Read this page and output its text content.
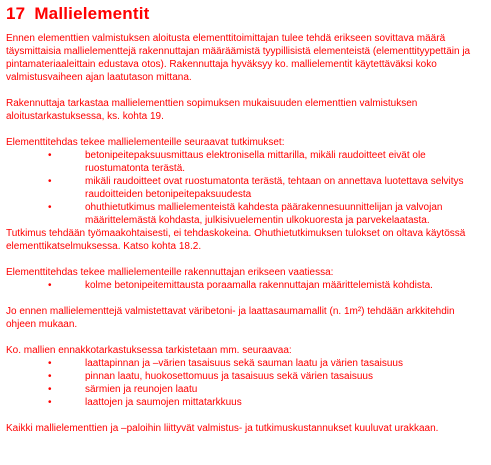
17 Mallielementit

Ennen elementtien valmistuksen aloitusta elementtitoimittajan tulee tehdä erikseen sovittava määrä täysmittaisia mallielementtejä rakennuttajan määräämistä tyypillisistä elementeistä (elementtityypettäin ja pintamateriaaleittain edustava otos). Rakennuttaja hyväksyy ko. mallielementit käytettäväksi koko valmistusvaiheen ajan laatutason mittana.

Rakennuttaja tarkastaa mallielementtien sopimuksen mukaisuuden elementtien valmistuksen aloitustarkastuksessa, ks. kohta 19.

Elementtitehdas tekee mallielementeille seuraavat tutkimukset:

•	betonipeitepaksuusmittaus elektronisella mittarilla, mikäli raudoitteet eivät ole ruostumatonta terästä.
•	mikäli raudoitteet ovat ruostumatonta terästä, tehtaan on annettava luotettava selvitys raudoitteiden betonipeitepaksuudesta
•	ohuthietutkimus mallielementeistä kahdesta päärakennesuunnittelijan ja valvojan määrittelemästä kohdasta, julkisivuelementin ulkokuoresta ja parvekelaatasta.

Tutkimus tehdään työmaakohtaisesti, ei tehdaskokeina. Ohuthietutkimuksen tulokset on oltava käytössä elementtikatselmuksessa. Katso kohta 18.2.

Elementtitehdas tekee mallielementeille rakennuttajan erikseen vaatiessa:

•	kolme betonipeitemittausta poraamalla rakennuttajan määrittelemistä kohdista.

Jo ennen mallielementtejä valmistettavat väribetoni- ja laattasaumamallit (n. 1m²) tehdään arkkitehdin ohjeen mukaan.

Ko. mallien ennakkotarkastuksessa tarkistetaan mm. seuraavaa:

•	laattapinnan ja –värien tasaisuus sekä sauman laatu ja värien tasaisuus
•	pinnan laatu, huokosettomuus ja tasaisuus sekä värien tasaisuus
•	särmien ja reunojen laatu
•	laattojen ja saumojen mittatarkkuus

Kaikki mallielementtien ja –paloihin liittyvät valmistus- ja tutkimuskustannukset kuuluvat urakkaan.
